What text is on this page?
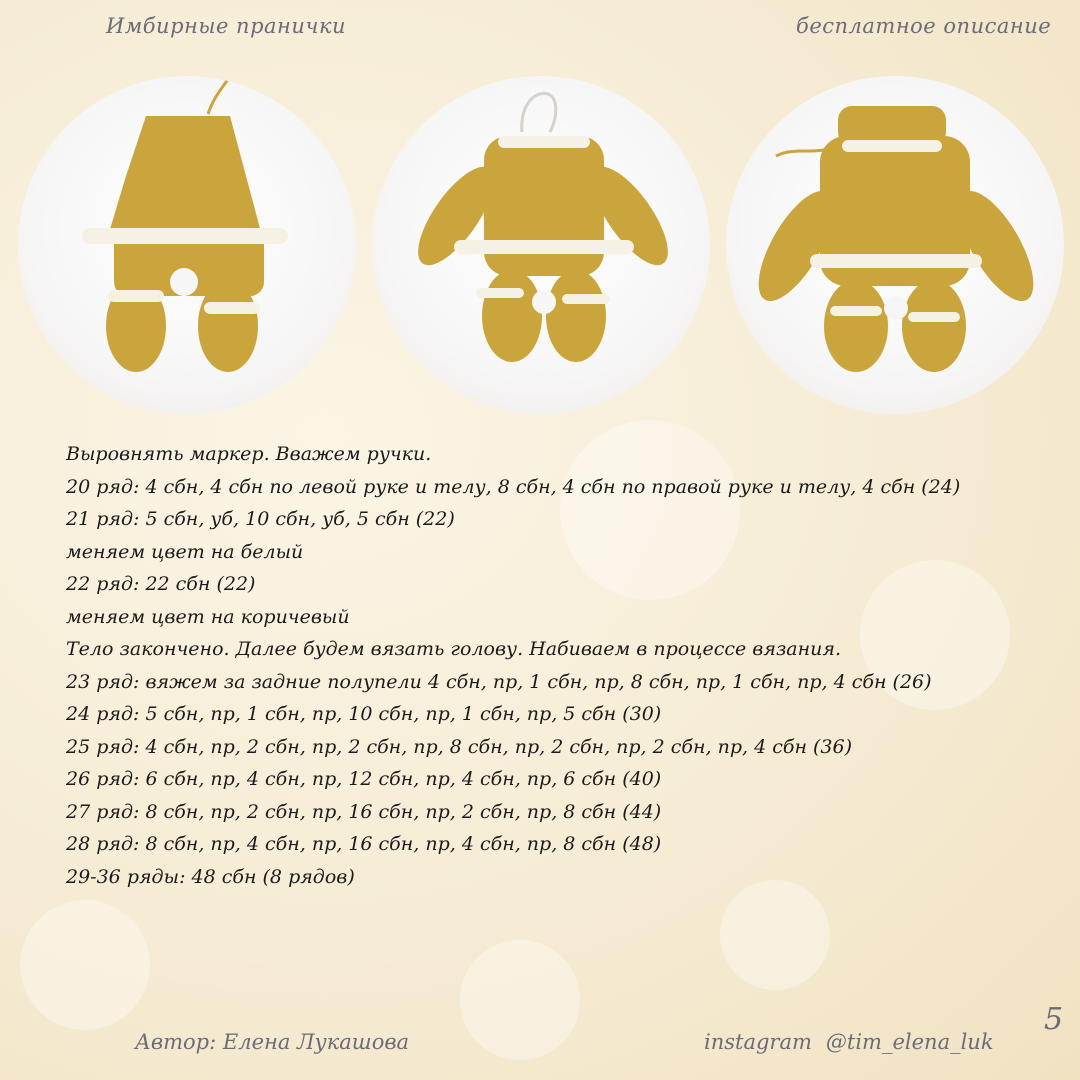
Имбирные пранички	бесплатное описание
Выровнять маркер. Вважем ручки.
20 ряд: 4 сбн, 4 сбн по левой руке и телу, 8 сбн, 4 сбн по правой руке и телу, 4 сбн (24)
21 ряд: 5 сбн, уб, 10 сбн, уб, 5 сбн (22)
меняем цвет на белый
22 ряд: 22 сбн (22)
меняем цвет на коричевый
Тело закончено. Далее будем вязать голову. Набиваем в процессе вязания.
23 ряд: вяжем за задние полупели 4 сбн, пр, 1 сбн, пр, 8 сбн, пр, 1 сбн, пр, 4 сбн (26)
24 ряд: 5 сбн, пр, 1 сбн, пр, 10 сбн, пр, 1 сбн, пр, 5 сбн (30)
25 ряд: 4 сбн, пр, 2 сбн, пр, 2 сбн, пр, 8 сбн, пр, 2 сбн, пр, 2 сбн, пр, 4 сбн (36)
26 ряд: 6 сбн, пр, 4 сбн, пр, 12 сбн, пр, 4 сбн, пр, 6 сбн (40)
27 ряд: 8 сбн, пр, 2 сбн, пр, 16 сбн, пр, 2 сбн, пр, 8 сбн (44)
28 ряд: 8 сбн, пр, 4 сбн, пр, 16 сбн, пр, 4 сбн, пр, 8 сбн (48)
29-36 ряды: 48 сбн (8 рядов)
Автор: Елена Лукашова	instagram @tim_elena_luk
5
